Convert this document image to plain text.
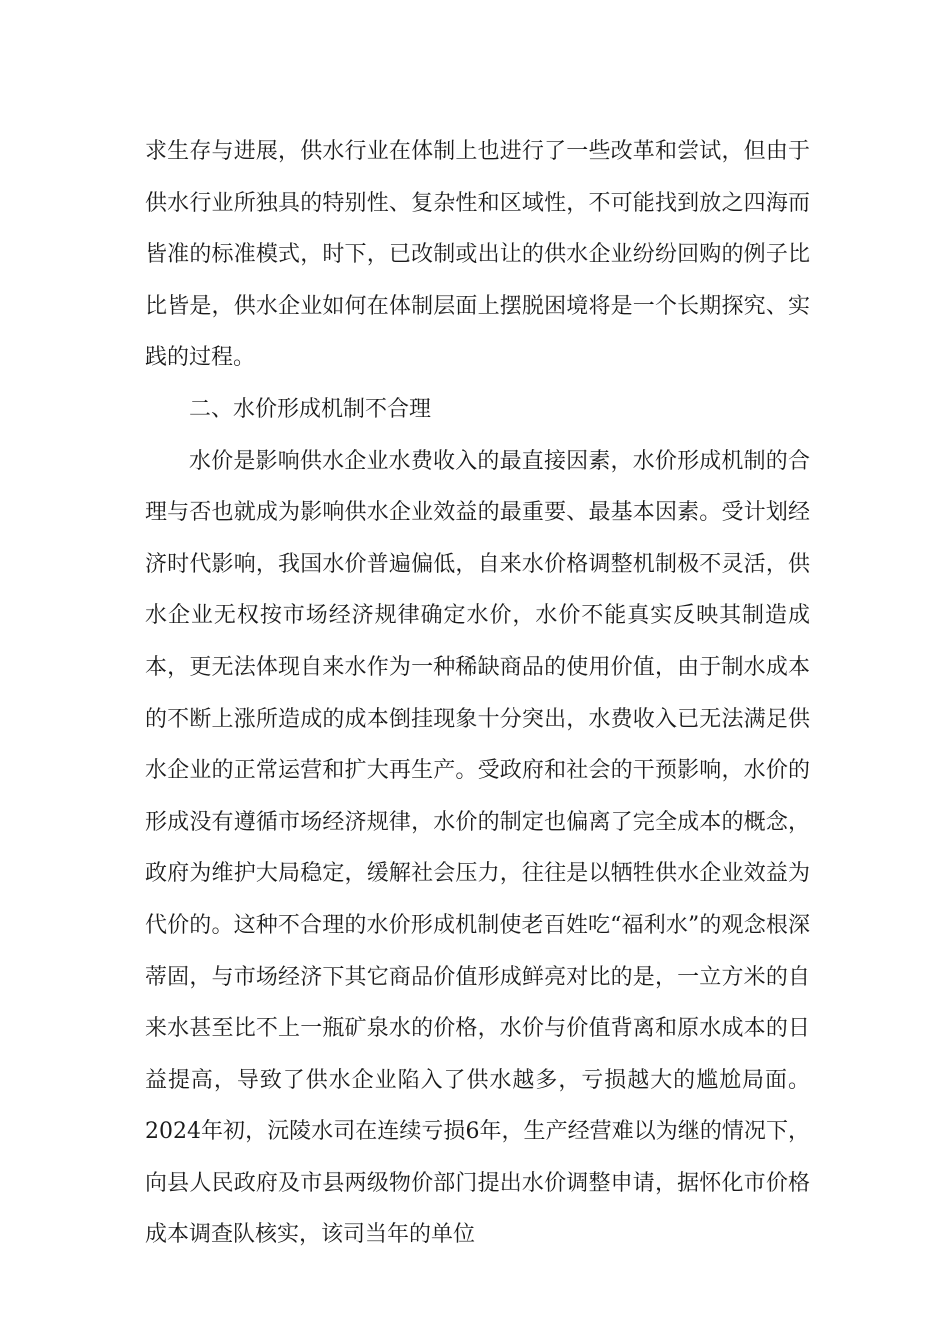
求生存与进展，供水行业在体制上也进行了一些改革和尝试，但由于供水行业所独具的特别性、复杂性和区域性，不可能找到放之四海而皆准的标准模式，时下，已改制或出让的供水企业纷纷回购的例子比比皆是，供水企业如何在体制层面上摆脱困境将是一个长期探究、实践的过程。

二、水价形成机制不合理

水价是影响供水企业水费收入的最直接因素，水价形成机制的合理与否也就成为影响供水企业效益的最重要、最基本因素。受计划经济时代影响，我国水价普遍偏低，自来水价格调整机制极不灵活，供水企业无权按市场经济规律确定水价，水价不能真实反映其制造成本，更无法体现自来水作为一种稀缺商品的使用价值，由于制水成本的不断上涨所造成的成本倒挂现象十分突出，水费收入已无法满足供水企业的正常运营和扩大再生产。受政府和社会的干预影响，水价的形成没有遵循市场经济规律，水价的制定也偏离了完全成本的概念，政府为维护大局稳定，缓解社会压力，往往是以牺牲供水企业效益为代价的。这种不合理的水价形成机制使老百姓吃“福利水”的观念根深蒂固，与市场经济下其它商品价值形成鲜亮对比的是，一立方米的自来水甚至比不上一瓶矿泉水的价格，水价与价值背离和原水成本的日益提高，导致了供水企业陷入了供水越多，亏损越大的尴尬局面。2024年初，沅陵水司在连续亏损6年，生产经营难以为继的情况下，向县人民政府及市县两级物价部门提出水价调整申请，据怀化市价格成本调查队核实，该司当年的单位
